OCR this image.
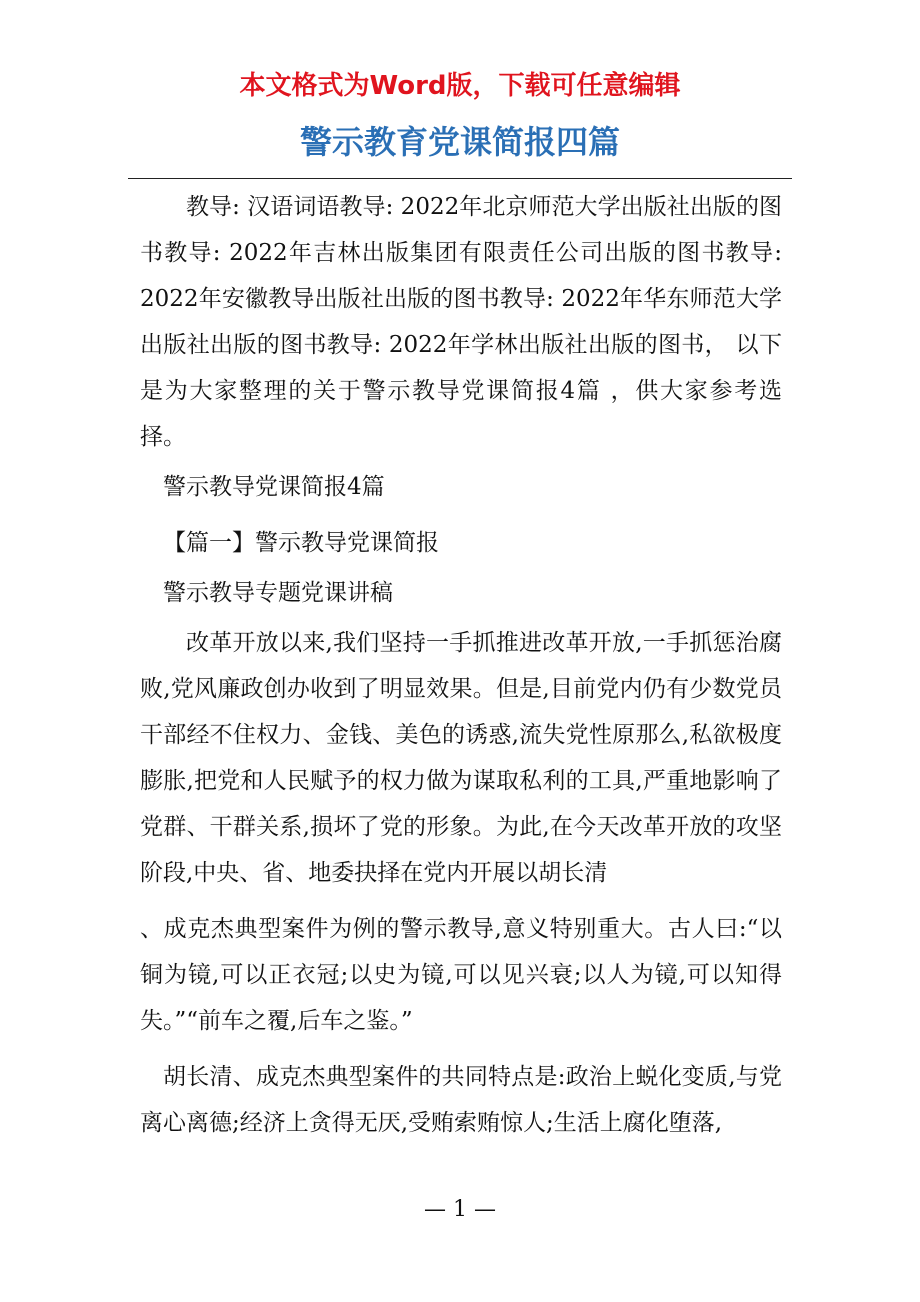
本文格式为Word版，下载可任意编辑
警示教育党课简报四篇

教导: 汉语词语教导: 2022年北京师范大学出版社出版的图书教导: 2022年吉林出版集团有限责任公司出版的图书教导: 2022年安徽教导出版社出版的图书教导: 2022年华东师范大学出版社出版的图书教导: 2022年学林出版社出版的图书， 以下是为大家整理的关于警示教导党课简报4篇 ，供大家参考选择。

警示教导党课简报4篇

【篇一】警示教导党课简报

警示教导专题党课讲稿

改革开放以来,我们坚持一手抓推进改革开放,一手抓惩治腐败,党风廉政创办收到了明显效果。但是,目前党内仍有少数党员干部经不住权力、金钱、美色的诱惑,流失党性原那么,私欲极度膨胀,把党和人民赋予的权力做为谋取私利的工具,严重地影响了党群、干群关系,损坏了党的形象。为此,在今天改革开放的攻坚阶段,中央、省、地委抉择在党内开展以胡长清

、成克杰典型案件为例的警示教导,意义特别重大。古人曰:“以铜为镜,可以正衣冠;以史为镜,可以见兴衰;以人为镜,可以知得失。”“前车之覆,后车之鉴。”

胡长清、成克杰典型案件的共同特点是:政治上蜕化变质,与党离心离德;经济上贪得无厌,受贿索贿惊人;生活上腐化堕落,

— 1 —
